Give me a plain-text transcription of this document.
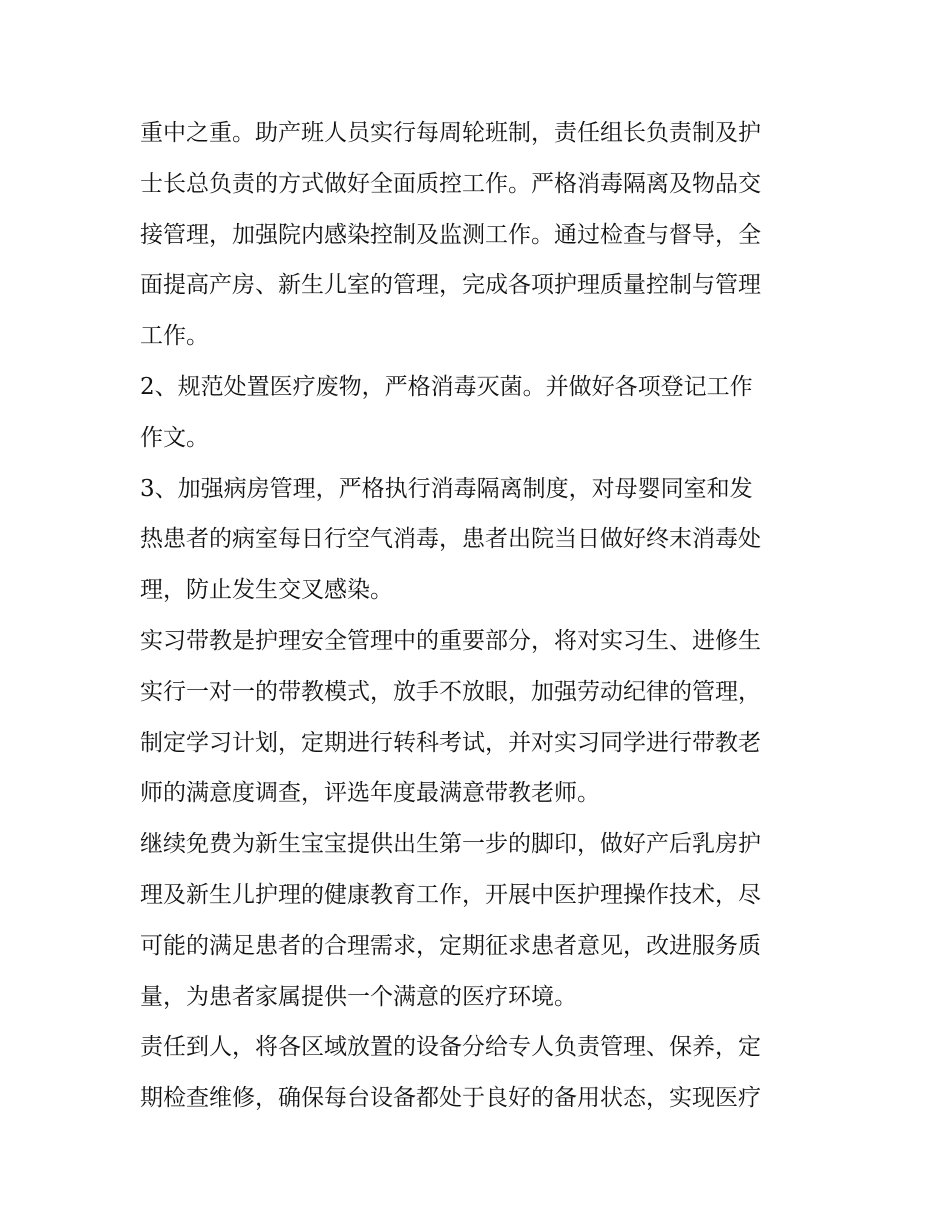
重中之重。助产班人员实行每周轮班制，责任组长负责制及护
士长总负责的方式做好全面质控工作。严格消毒隔离及物品交
接管理，加强院内感染控制及监测工作。通过检查与督导，全
面提高产房、新生儿室的管理，完成各项护理质量控制与管理
工作。
2、规范处置医疗废物，严格消毒灭菌。并做好各项登记工作
作文。
3、加强病房管理，严格执行消毒隔离制度，对母婴同室和发
热患者的病室每日行空气消毒，患者出院当日做好终末消毒处
理，防止发生交叉感染。
实习带教是护理安全管理中的重要部分，将对实习生、进修生
实行一对一的带教模式，放手不放眼，加强劳动纪律的管理，
制定学习计划，定期进行转科考试，并对实习同学进行带教老
师的满意度调查，评选年度最满意带教老师。
继续免费为新生宝宝提供出生第一步的脚印，做好产后乳房护
理及新生儿护理的健康教育工作，开展中医护理操作技术，尽
可能的满足患者的合理需求，定期征求患者意见，改进服务质
量，为患者家属提供一个满意的医疗环境。
责任到人，将各区域放置的设备分给专人负责管理、保养，定
期检查维修，确保每台设备都处于良好的备用状态，实现医疗
